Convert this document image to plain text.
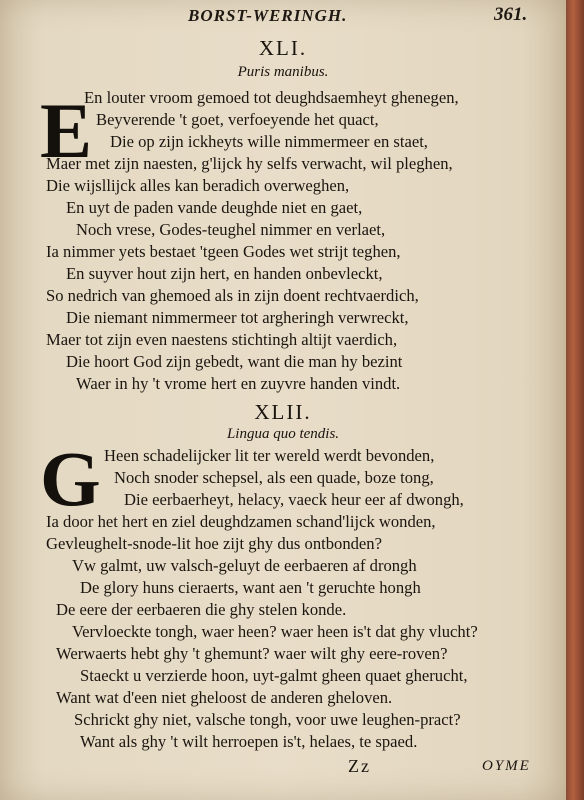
BORST-WERINGH.	361.
XLI.
Puris manibus.
E
En louter vroom gemoed tot deughdsaemheyt ghenegen,
Beyverende 't goet, verfoeyende het quact,
Die op zijn ickheyts wille nimmermeer en staet,
Maer met zijn naesten, g'lijck hy selfs verwacht, wil pleghen,
Die wijsllijck alles kan beradich overweghen,
En uyt de paden vande deughde niet en gaet,
Noch vrese, Godes-teughel nimmer en verlaet,
Ia nimmer yets bestaet 'tgeen Godes wet strijt teghen,
En suyver hout zijn hert, en handen onbevleckt,
So nedrich van ghemoed als in zijn doent rechtvaerdich,
Die niemant nimmermeer tot argheringh verwreckt,
Maer tot zijn even naestens stichtingh altijt vaerdich,
Die hoort God zijn gebedt, want die man hy bezint
Waer in hy 't vrome hert en zuyvre handen vindt.
XLII.
Lingua quo tendis.
G Heen schadelijcker lit ter wereld werdt bevonden,
Noch snoder schepsel, als een quade, boze tong,
Die eerbaerheyt, helacy, vaeck heur eer af dwongh,
Ia door het hert en ziel deughdzamen schand'lijck wonden,
Gevleughelt-snode-lit hoe zijt ghy dus ontbonden?
Vw galmt, uw valsch-geluyt de eerbaeren af drongh
De glory huns cieraerts, want aen 't geruchte hongh
De eere der eerbaeren die ghy stelen konde.
Vervloeckte tongh, waer heen? waer heen is't dat ghy vlucht?
Werwaerts hebt ghy 't ghemunt? waer wilt ghy eere-roven?
Staeckt u verzierde hoon, uyt-galmt gheen quaet gherucht,
Want wat d'een niet gheloost de anderen gheloven.
Schrickt ghy niet, valsche tongh, voor uwe leughen-pract?
Want als ghy 't wilt herroepen is't, helaes, te spaed.
Zz	OYME
